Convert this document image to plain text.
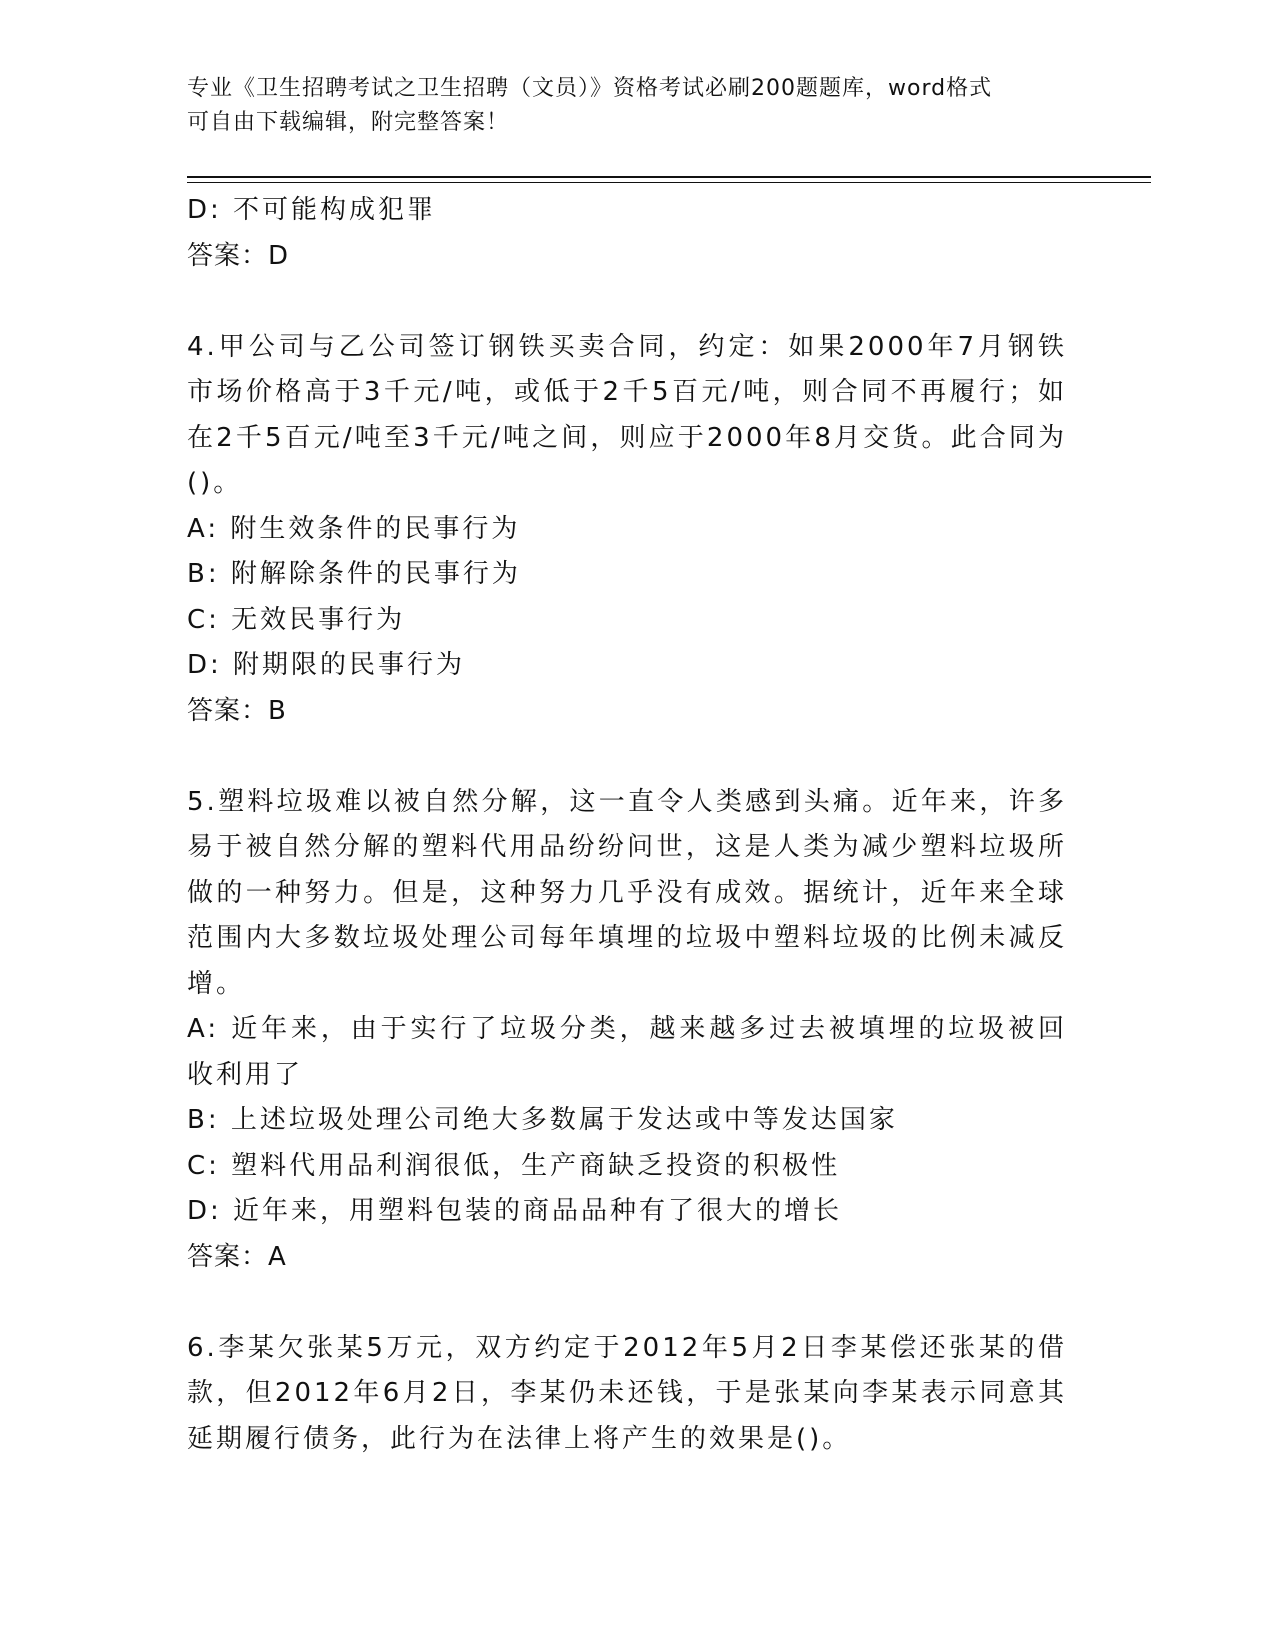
专业《卫生招聘考试之卫生招聘（文员）》资格考试必刷200题题库，word格式
可自由下载编辑，附完整答案！
D: 不可能构成犯罪
答案：D
4.甲公司与乙公司签订钢铁买卖合同，约定：如果2000年7月钢铁市场价格高于3千元/吨，或低于2千5百元/吨，则合同不再履行；如在2千5百元/吨至3千元/吨之间，则应于2000年8月交货。此合同为()。
A: 附生效条件的民事行为
B: 附解除条件的民事行为
C: 无效民事行为
D: 附期限的民事行为
答案：B
5.塑料垃圾难以被自然分解，这一直令人类感到头痛。近年来，许多易于被自然分解的塑料代用品纷纷问世，这是人类为减少塑料垃圾所做的一种努力。但是，这种努力几乎没有成效。据统计，近年来全球范围内大多数垃圾处理公司每年填埋的垃圾中塑料垃圾的比例未减反增。
A: 近年来，由于实行了垃圾分类，越来越多过去被填埋的垃圾被回收利用了
B: 上述垃圾处理公司绝大多数属于发达或中等发达国家
C: 塑料代用品利润很低，生产商缺乏投资的积极性
D: 近年来，用塑料包装的商品品种有了很大的增长
答案：A
6.李某欠张某5万元，双方约定于2012年5月2日李某偿还张某的借款，但2012年6月2日，李某仍未还钱，于是张某向李某表示同意其延期履行债务，此行为在法律上将产生的效果是()。
